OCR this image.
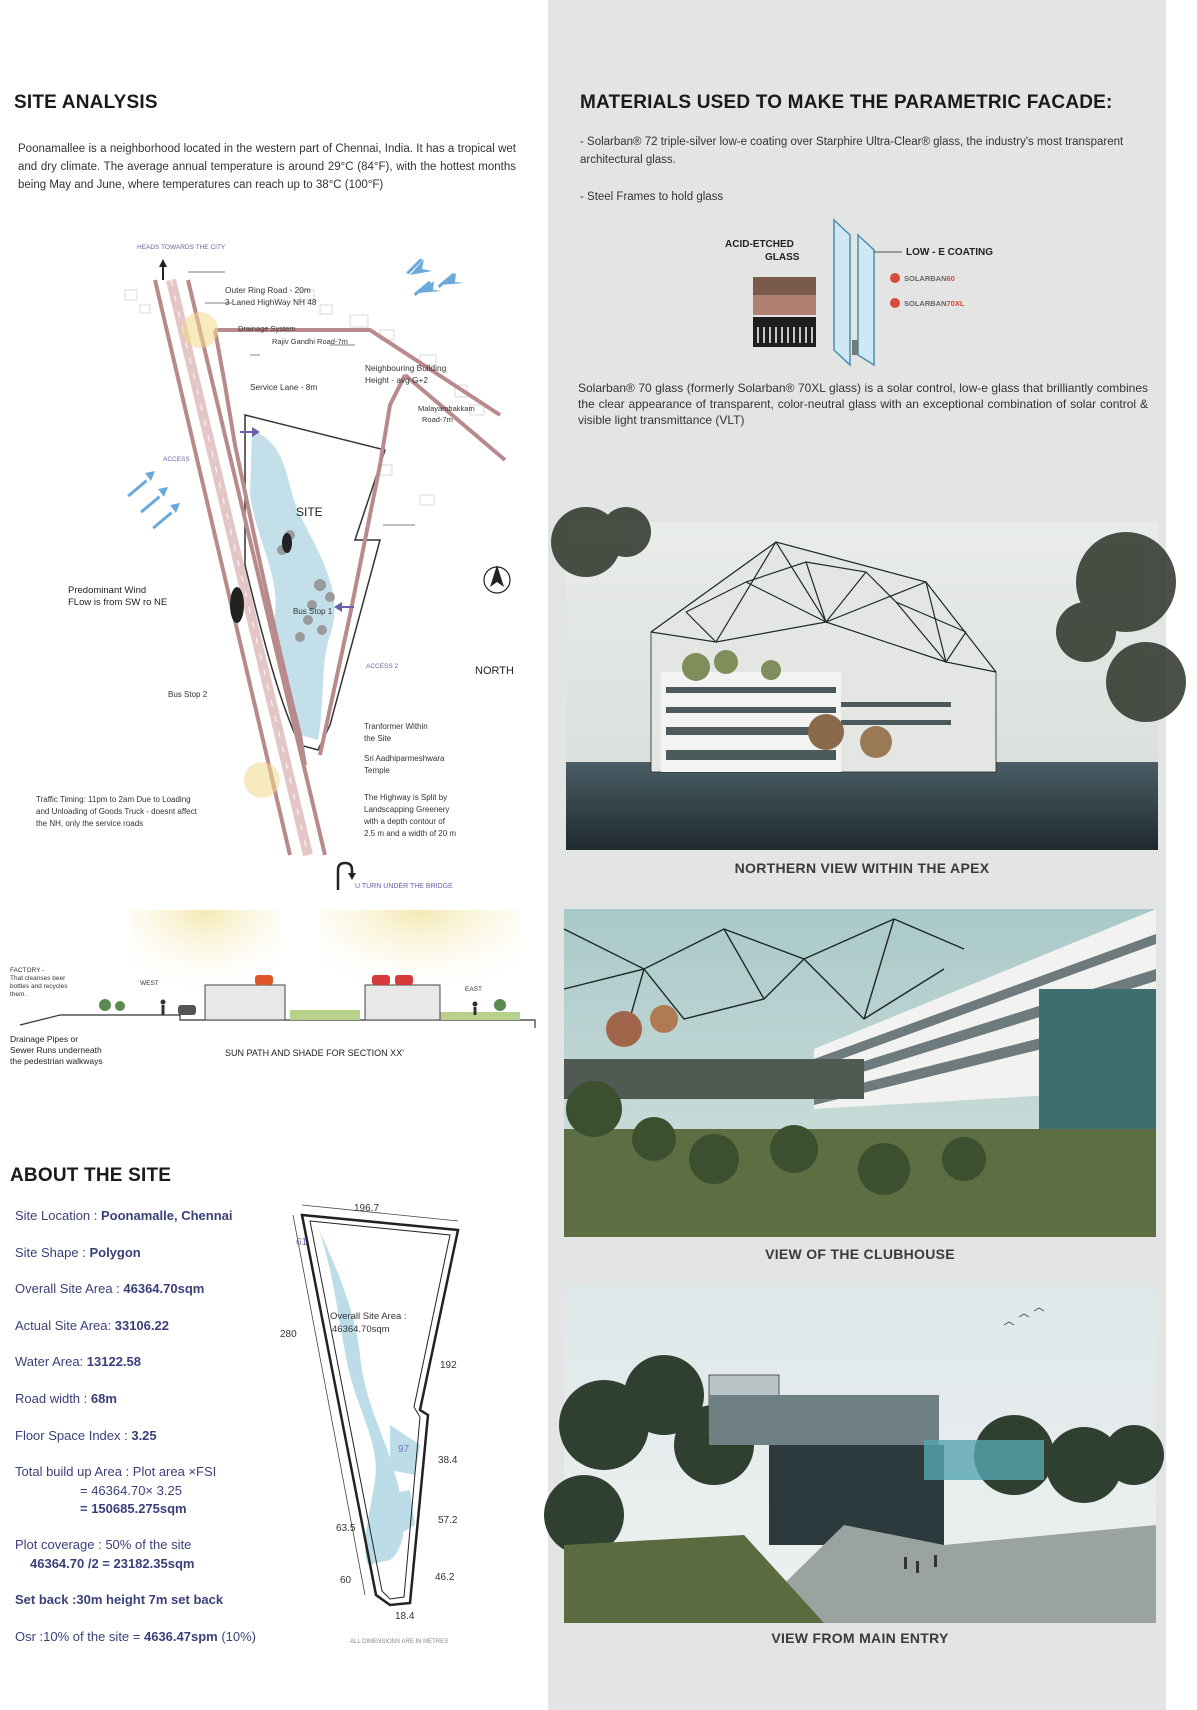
SITE ANALYSIS
Poonamallee is a neighborhood located in the western part of Chennai, India. It has a tropical wet and dry climate. The average annual temperature is around 29°C (84°F), with the hottest months being May and June, where temperatures can reach up to 38°C (100°F)
HEADS TOWARDS THE CITY
Outer Ring Road - 20m
3 Laned HighWay NH 48
Drainage System
Rajiv Gandhi Road-7m
Neighbouring Building
Height - avg G+2
Service Lane - 8m
Malayambakkam
Road-7m
ACCESS
SITE
Predominant Wind
FLow is from SW ro NE
Bus Stop 1
Bus Stop 2
ACCESS 2	NORTH
Tranformer Within
the Site
Sri Aadhiparmeshwara
Temple
The Highway is Split by
Landscapping Greenery
with a depth contour of
2.5 m and a width of 20 m
Traffic Timing: 11pm to 2am Due to Loading
and Unloading of Goods Truck - doesnt affect
the NH, only the service roads
U TURN UNDER THE BRIDGE
FACTORY -
That cleanses beer
bottles and recycles
them.
WEST
EAST
Drainage Pipes or
Sewer Runs underneath
the pedestrian walkways
SUN PATH AND SHADE FOR SECTION XX'
ABOUT THE SITE
Site Location : Poonamalle, Chennai
Site Shape : Polygon
Overall Site Area : 46364.70sqm
Actual Site Area: 33106.22
Water Area: 13122.58
Road width : 68m
Floor Space Index : 3.25
Total build up Area : Plot area ×FSI
= 46364.70× 3.25
= 150685.275sqm
Plot coverage : 50% of the site
46364.70 /2 = 23182.35sqm
Set back :30m height 7m set back
Osr :10% of the site = 4636.47spm (10%)
196.7
61
280
Overall Site Area :
46364.70sqm
192
97
38.4
57.2
63.5
60	46.2
18.4
ALL DIMENSIONS ARE IN METRES
MATERIALS USED TO MAKE THE PARAMETRIC FACADE:
- Solarban® 72 triple-silver low-e coating over Starphire Ultra-Clear® glass, the industry's most transparent architectural glass.
- Steel Frames to hold glass
ACID-ETCHED
GLASS	LOW - E COATING
SOLARBAN60
SOLARBAN70XL
Solarban® 70 glass (formerly Solarban® 70XL glass) is a solar control, low-e glass that brilliantly combines the clear appearance of transparent, color-neutral glass with an exceptional combination of solar control & visible light transmittance (VLT)
NORTHERN VIEW WITHIN THE APEX
VIEW OF THE CLUBHOUSE
VIEW FROM MAIN ENTRY
